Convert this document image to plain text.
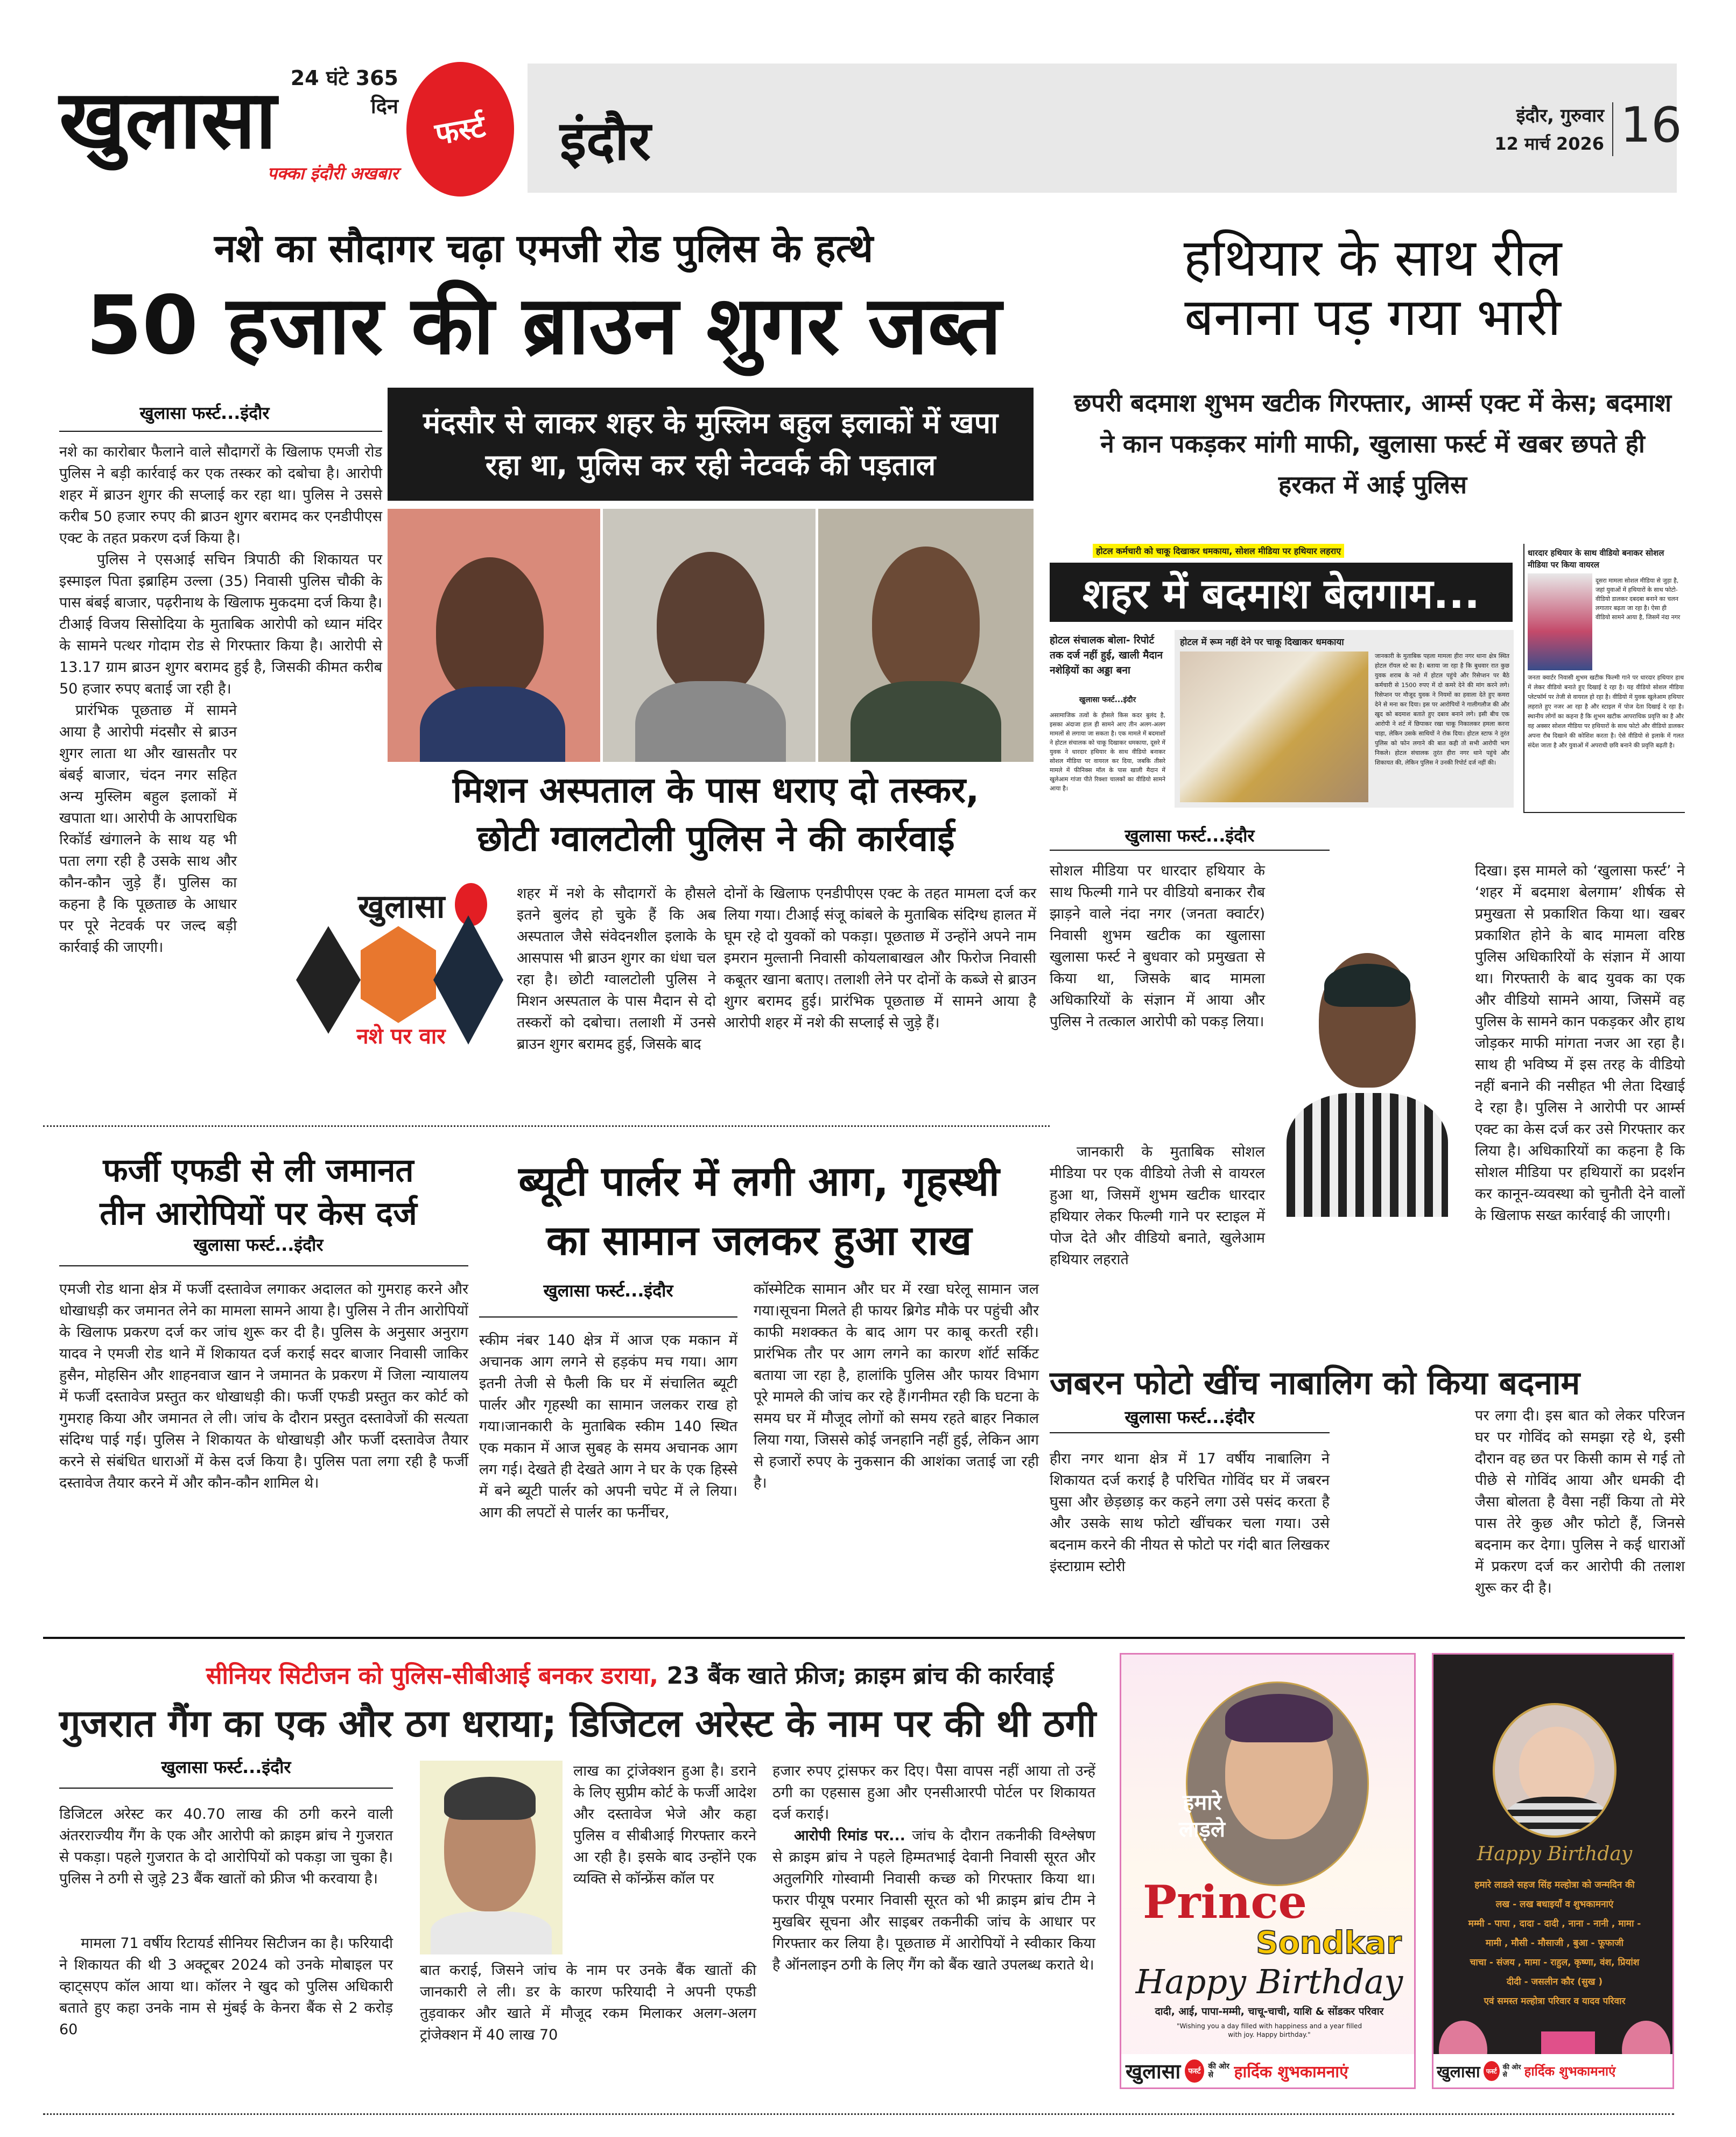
24 घंटे 365 दिन
खुलासा	फर्स्ट
पक्का इंदौरी अखबार
इंदौर	इंदौर, गुरुवार
12 मार्च 2026 16
नशे का सौदागर चढ़ा एमजी रोड पुलिस के हत्थे
50 हजार की ब्राउन शुगर जब्त
खुलासा फर्स्ट...इंदौर

नशे का कारोबार फैलाने वाले सौदागरों के खिलाफ एमजी रोड पुलिस ने बड़ी कार्रवाई कर एक तस्कर को दबोचा है। आरोपी शहर में ब्राउन शुगर की सप्लाई कर रहा था। पुलिस ने उससे करीब 50 हजार रुपए की ब्राउन शुगर बरामद कर एनडीपीएस एक्ट के तहत प्रकरण दर्ज किया है।

पुलिस ने एसआई सचिन त्रिपाठी की शिकायत पर इस्माइल पिता इब्राहिम उल्ला (35) निवासी पुलिस चौकी के पास बंबई बाजार, पढ़रीनाथ के खिलाफ मुकदमा दर्ज किया है। टीआई विजय सिसोदिया के मुताबिक आरोपी को ध्यान मंदिर के सामने पत्थर गोदाम रोड से गिरफ्तार किया है। आरोपी से 13.17 ग्राम ब्राउन शुगर बरामद हुई है, जिसकी कीमत करीब 50 हजार रुपए बताई जा रही है।

प्रारंभिक पूछताछ में सामने आया है आरोपी मंदसौर से ब्राउन शुगर लाता था और खासतौर पर बंबई बाजार, चंदन नगर सहित अन्य मुस्लिम बहुल इलाकों में खपाता था। आरोपी के आपराधिक रिकॉर्ड खंगालने के साथ यह भी पता लगा रही है उसके साथ और कौन-कौन जुड़े हैं। पुलिस का कहना है कि पूछताछ के आधार पर पूरे नेटवर्क पर जल्द बड़ी कार्रवाई की जाएगी।

मंदसौर से लाकर शहर के मुस्लिम बहुल इलाकों में खपा रहा था, पुलिस कर रही नेटवर्क की पड़ताल
मिशन अस्पताल के पास धराए दो तस्कर,
छोटी ग्वालटोली पुलिस ने की कार्रवाई
खुलासा
नशे पर वार
शहर में नशे के सौदागरों के हौसले इतने बुलंद हो चुके हैं कि अब अस्पताल जैसे संवेदनशील इलाके के आसपास भी ब्राउन शुगर का धंधा चल रहा है। छोटी ग्वालटोली पुलिस ने मिशन अस्पताल के पास मैदान से दो तस्करों को दबोचा। तलाशी में उनसे ब्राउन शुगर बरामद हुई, जिसके बाद
दोनों के खिलाफ एनडीपीएस एक्ट के तहत मामला दर्ज कर लिया गया। टीआई संजू कांबले के मुताबिक संदिग्ध हालत में घूम रहे दो युवकों को पकड़ा। पूछताछ में उन्होंने अपने नाम इमरान मुल्तानी निवासी कोयलाबाखल और फिरोज निवासी कबूतर खाना बताए। तलाशी लेने पर दोनों के कब्जे से ब्राउन शुगर बरामद हुई। प्रारंभिक पूछताछ में सामने आया है आरोपी शहर में नशे की सप्लाई से जुड़े हैं।
हथियार के साथ रील
बनाना पड़ गया भारी
छपरी बदमाश शुभम खटीक गिरफ्तार, आर्म्स एक्ट में केस; बदमाश ने कान पकड़कर मांगी माफी, खुलासा फर्स्ट में खबर छपते ही हरकत में आई पुलिस
होटल कर्मचारी को चाकू दिखाकर धमकाया, सोशल मीडिया पर हथियार लहराए
शहर में बदमाश बेलगाम...
होटल संचालक बोला- रिपोर्ट तक दर्ज नहीं हुई, खाली मैदान नशेड़ियों का अड्डा बना
खुलासा फर्स्ट...इंदौर
असामाजिक तत्वों के हौसले किस कदर बुलंद है, इसका अंदाजा हाल ही सामने आए तीन अलग-अलग मामलों से लगाया जा सकता है। एक मामले में बदमाशों ने होटल संचालक को चाकू दिखाकर धमकाया, दूसरे में युवक ने धारदार हथियार के साथ वीडियो बनाकर सोशल मीडिया पर वायरल कर दिया, जबकि तीसरे मामले में फीनिक्स मॉल के पास खाली मैदान में खुलेआम गांजा पीते रिक्शा चालकों का वीडियो सामने आया है।
होटल में रूम नहीं देने पर चाकू दिखाकर धमकाया
जानकारी के मुताबिक पहला मामला हीरा नगर थाना क्षेत्र स्थित होटल रॉयल स्टे का है। बताया जा रहा है कि बुधवार रात कुछ युवक शराब के नशे में होटल पहुंचे और रिसेप्शन पर बैठे कर्मचारी से 1500 रुपए में दो कमरे देने की मांग करने लगे। रिसेप्शन पर मौजूद युवक ने नियमों का हवाला देते हुए कमरा देने से मना कर दिया। इस पर आरोपियों ने गालीगलौज की और खुद को बदमाश बताते हुए दबाव बनाने लगे। इसी बीच एक आरोपी ने शर्ट में छिपाकर रखा चाकू निकालकर हमला करना चाहा, लेकिन उसके साथियों ने रोक दिया। होटल स्टाफ ने तुरंत पुलिस को फोन लगाने की बात कही तो सभी आरोपी भाग निकले। होटल संचालक तुरंत हीरा नगर थाने पहुंचे और शिकायत की, लेकिन पुलिस ने उनकी रिपोर्ट दर्ज नहीं की।
धारदार हथियार के साथ वीडियो बनाकर सोशल मीडिया पर किया वायरल
दूसरा मामला सोशल मीडिया से जुड़ा है, जहां युवाओं में हथियारों के साथ फोटो-वीडियो डालकर दबदबा बनाने का चलन लगातार बढ़ता जा रहा है। ऐसा ही वीडियो सामने आया है, जिसमें नंदा नगर
जनता क्वार्टर निवासी शुभम खटीक फिल्मी गाने पर धारदार हथियार हाथ में लेकर वीडियो बनाते हुए दिखाई दे रहा है। यह वीडियो सोशल मीडिया प्लेटफॉर्म पर तेजी से वायरल हो रहा है। वीडियो में युवक खुलेआम हथियार लहराते हुए नजर आ रहा है और स्टाइल में पोज देता दिखाई दे रहा है। स्थानीय लोगों का कहना है कि शुभम खटीक आपराधिक प्रवृत्ति का है और वह अक्सर सोशल मीडिया पर हथियारों के साथ फोटो और वीडियो डालकर अपना रौब दिखाने की कोशिश करता है। ऐसे वीडियो से इलाके में गलत संदेश जाता है और युवाओं में अपराधी छवि बनाने की प्रवृत्ति बढ़ती है।
खुलासा फर्स्ट...इंदौर
सोशल मीडिया पर धारदार हथियार के साथ फिल्मी गाने पर वीडियो बनाकर रौब झाड़ने वाले नंदा नगर (जनता क्वार्टर) निवासी शुभम खटीक का खुलासा खुलासा फर्स्ट ने बुधवार को प्रमुखता से किया था, जिसके बाद मामला अधिकारियों के संज्ञान में आया और पुलिस ने तत्काल आरोपी को पकड़ लिया।
जानकारी के मुताबिक सोशल मीडिया पर एक वीडियो तेजी से वायरल हुआ था, जिसमें शुभम खटीक धारदार हथियार लेकर फिल्मी गाने पर स्टाइल में पोज देते और वीडियो बनाते, खुलेआम हथियार लहराते
दिखा। इस मामले को ‘खुलासा फर्स्ट’ ने ‘शहर में बदमाश बेलगाम’ शीर्षक से प्रमुखता से प्रकाशित किया था। खबर प्रकाशित होने के बाद मामला वरिष्ठ पुलिस अधिकारियों के संज्ञान में आया था। गिरफ्तारी के बाद युवक का एक और वीडियो सामने आया, जिसमें वह पुलिस के सामने कान पकड़कर और हाथ जोड़कर माफी मांगता नजर आ रहा है। साथ ही भविष्य में इस तरह के वीडियो नहीं बनाने की नसीहत भी लेता दिखाई दे रहा है। पुलिस ने आरोपी पर आर्म्स एक्ट का केस दर्ज कर उसे गिरफ्तार कर लिया है। अधिकारियों का कहना है कि सोशल मीडिया पर हथियारों का प्रदर्शन कर कानून-व्यवस्था को चुनौती देने वालों के खिलाफ सख्त कार्रवाई की जाएगी।
फर्जी एफडी से ली जमानत
तीन आरोपियों पर केस दर्ज
खुलासा फर्स्ट...इंदौर
एमजी रोड थाना क्षेत्र में फर्जी दस्तावेज लगाकर अदालत को गुमराह करने और धोखाधड़ी कर जमानत लेने का मामला सामने आया है। पुलिस ने तीन आरोपियों के खिलाफ प्रकरण दर्ज कर जांच शुरू कर दी है। पुलिस के अनुसार अनुराग यादव ने एमजी रोड थाने में शिकायत दर्ज कराई सदर बाजार निवासी जाकिर हुसैन, मोहसिन और शाहनवाज खान ने जमानत के प्रकरण में जिला न्यायालय में फर्जी दस्तावेज प्रस्तुत कर धोखाधड़ी की। फर्जी एफडी प्रस्तुत कर कोर्ट को गुमराह किया और जमानत ले ली। जांच के दौरान प्रस्तुत दस्तावेजों की सत्यता संदिग्ध पाई गई। पुलिस ने शिकायत के धोखाधड़ी और फर्जी दस्तावेज तैयार करने से संबंधित धाराओं में केस दर्ज किया है। पुलिस पता लगा रही है फर्जी दस्तावेज तैयार करने में और कौन-कौन शामिल थे।
ब्यूटी पार्लर में लगी आग, गृहस्थी
का सामान जलकर हुआ राख
खुलासा फर्स्ट...इंदौर
स्कीम नंबर 140 क्षेत्र में आज एक मकान में अचानक आग लगने से हड़कंप मच गया। आग इतनी तेजी से फैली कि घर में संचालित ब्यूटी पार्लर और गृहस्थी का सामान जलकर राख हो गया।जानकारी के मुताबिक स्कीम 140 स्थित एक मकान में आज सुबह के समय अचानक आग लग गई। देखते ही देखते आग ने घर के एक हिस्से में बने ब्यूटी पार्लर को अपनी चपेट में ले लिया। आग की लपटों से पार्लर का फर्नीचर,
कॉस्मेटिक सामान और घर में रखा घरेलू सामान जल गया।सूचना मिलते ही फायर ब्रिगेड मौके पर पहुंची और काफी मशक्कत के बाद आग पर काबू करती रही। प्रारंभिक तौर पर आग लगने का कारण शॉर्ट सर्किट बताया जा रहा है, हालांकि पुलिस और फायर विभाग पूरे मामले की जांच कर रहे हैं।गनीमत रही कि घटना के समय घर में मौजूद लोगों को समय रहते बाहर निकाल लिया गया, जिससे कोई जनहानि नहीं हुई, लेकिन आग से हजारों रुपए के नुकसान की आशंका जताई जा रही है।
जबरन फोटो खींच नाबालिग को किया बदनाम
खुलासा फर्स्ट...इंदौर
हीरा नगर थाना क्षेत्र में 17 वर्षीय नाबालिग ने शिकायत दर्ज कराई है परिचित गोविंद घर में जबरन घुसा और छेड़छाड़ कर कहने लगा उसे पसंद करता है और उसके साथ फोटो खींचकर चला गया। उसे बदनाम करने की नीयत से फोटो पर गंदी बात लिखकर इंस्टाग्राम स्टोरी
पर लगा दी। इस बात को लेकर परिजन घर पर गोविंद को समझा रहे थे, इसी दौरान वह छत पर किसी काम से गई तो पीछे से गोविंद आया और धमकी दी जैसा बोलता है वैसा नहीं किया तो मेरे पास तेरे कुछ और फोटो हैं, जिनसे बदनाम कर देगा। पुलिस ने कई धाराओं में प्रकरण दर्ज कर आरोपी की तलाश शुरू कर दी है।
सीनियर सिटीजन को पुलिस-सीबीआई बनकर डराया, 23 बैंक खाते फ्रीज; क्राइम ब्रांच की कार्रवाई
गुजरात गैंग का एक और ठग धराया; डिजिटल अरेस्ट के नाम पर की थी ठगी
खुलासा फर्स्ट...इंदौर
डिजिटल अरेस्ट कर 40.70 लाख की ठगी करने वाली अंतरराज्यीय गैंग के एक और आरोपी को क्राइम ब्रांच ने गुजरात से पकड़ा। पहले गुजरात के दो आरोपियों को पकड़ा जा चुका है। पुलिस ने ठगी से जुड़े 23 बैंक खातों को फ्रीज भी करवाया है।
मामला 71 वर्षीय रिटायर्ड सीनियर सिटीजन का है। फरियादी ने शिकायत की थी 3 अक्टूबर 2024 को उनके मोबाइल पर व्हाट्सएप कॉल आया था। कॉलर ने खुद को पुलिस अधिकारी बताते हुए कहा उनके नाम से मुंबई के केनरा बैंक से 2 करोड़ 60
लाख का ट्रांजेक्शन हुआ है। डराने के लिए सुप्रीम कोर्ट के फर्जी आदेश और दस्तावेज भेजे और कहा पुलिस व सीबीआई गिरफ्तार करने आ रही है। इसके बाद उन्होंने एक व्यक्ति से कॉन्फ्रेंस कॉल पर
बात कराई, जिसने जांच के नाम पर उनके बैंक खातों की जानकारी ले ली। डर के कारण फरियादी ने अपनी एफडी तुड़वाकर और खाते में मौजूद रकम मिलाकर अलग-अलग ट्रांजेक्शन में 40 लाख 70

हजार रुपए ट्रांसफर कर दिए। पैसा वापस नहीं आया तो उन्हें ठगी का एहसास हुआ और एनसीआरपी पोर्टल पर शिकायत दर्ज कराई।

आरोपी रिमांड पर... जांच के दौरान तकनीकी विश्लेषण से क्राइम ब्रांच ने पहले हिम्मतभाई देवानी निवासी सूरत और अतुलगिरि गोस्वामी निवासी कच्छ को गिरफ्तार किया था। फरार पीयूष परमार निवासी सूरत को भी क्राइम ब्रांच टीम ने मुखबिर सूचना और साइबर तकनीकी जांच के आधार पर गिरफ्तार कर लिया है। पूछताछ में आरोपियों ने स्वीकार किया है ऑनलाइन ठगी के लिए गैंग को बैंक खाते उपलब्ध कराते थे।

हमारे लाड़ले
Prince
Sondkar
Happy Birthday
दादी, आई, पापा-मम्मी, चाचू-चाची, याशि & सोंडकर परिवार
"Wishing you a day filled with happiness and a year filled with joy. Happy birthday."
खुलासा	फर्स्ट
की ओर से	हार्दिक शुभकामनाएं
Happy Birthday
हमारे लाडले सहज सिंह मल्होत्रा को जन्मदिन की
लख - लख बधाइयाँ व शुभकामनाएं
मम्मी - पापा , दादा - दादी , नाना - नानी , मामा -
मामी , मौसी - मौसाजी , बुआ - फूफाजी
चाचा - संजय , मामा - राहुल, कृष्णा, वंश, प्रियांश
दीदी - जसलीन कौर (सुख )
एवं समस्त मल्होत्रा परिवार व यादव परिवार
खुलासा फर्स्ट
की ओर से	हार्दिक शुभकामनाएं
